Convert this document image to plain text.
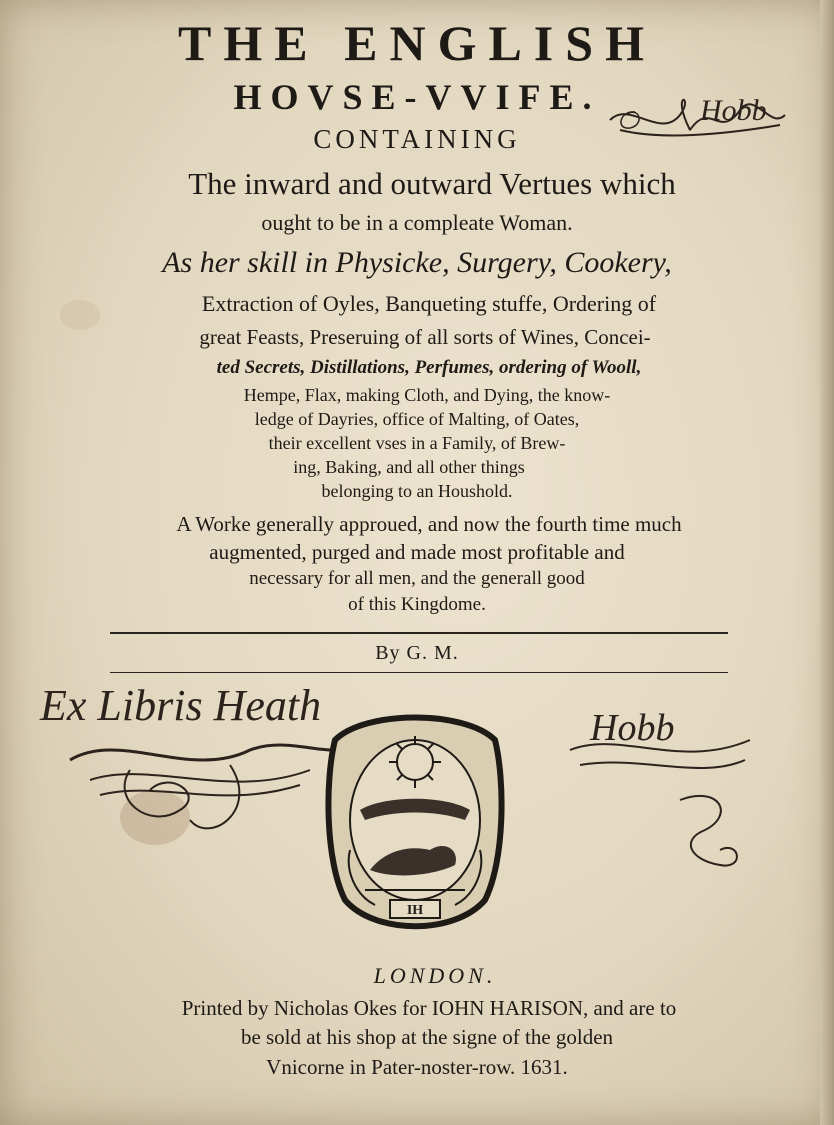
THE ENGLISH

HOVSE-VVIFE.

CONTAINING

The inward and outward Vertues which

ought to be in a compleate Woman.

As her skill in Physicke, Surgery, Cookery,

Extraction of Oyles, Banqueting stuffe, Ordering of

great Feasts, Preseruing of all sorts of Wines, Concei-

ted Secrets, Distillations, Perfumes, ordering of Wooll,

Hempe, Flax, making Cloth, and Dying, the know-

ledge of Dayries, office of Malting, of Oates,

their excellent vses in a Family, of Brew-

ing, Baking, and all other things

belonging to an Houshold.

A Worke generally approued, and now the fourth time much

augmented, purged and made most profitable and

necessary for all men, and the generall good

of this Kingdome.

By G. M.

Hobb
Ex Libris Heath	Hobb
IH

LONDON.

Printed by Nicholas Okes for IOHN HARISON, and are to

be sold at his shop at the signe of the golden

Vnicorne in Pater-noster-row. 1631.
